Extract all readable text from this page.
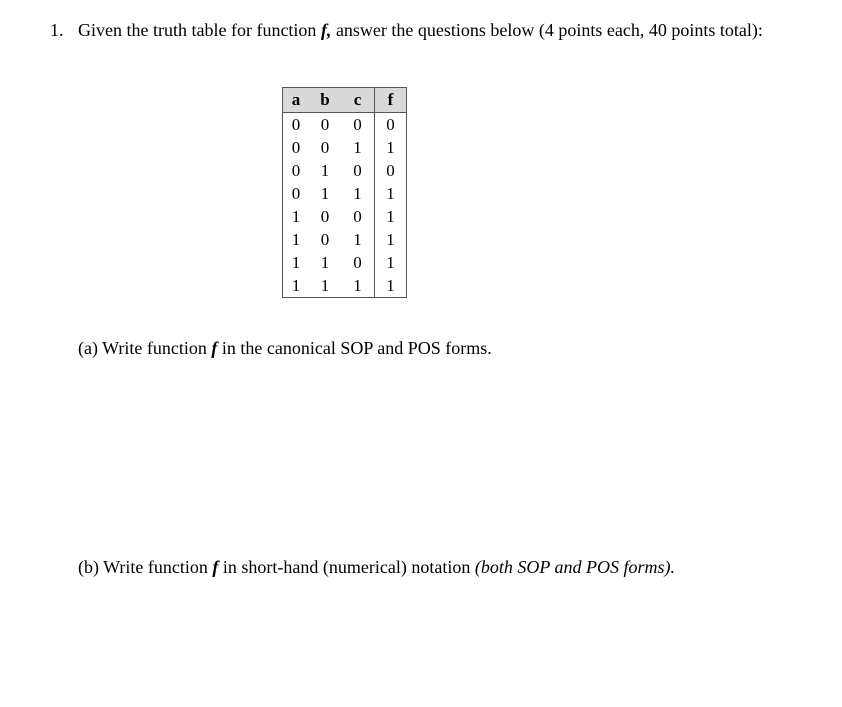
1. Given the truth table for function f, answer the questions below (4 points each, 40 points total):
a	b	c	f
0	0	0	0
0	0	1	1
0	1	0	0
0	1	1	1
1	0	0	1
1	0	1	1
1	1	0	1
1	1	1	1
(a) Write function f in the canonical SOP and POS forms.
(b) Write function f in short-hand (numerical) notation (both SOP and POS forms).
